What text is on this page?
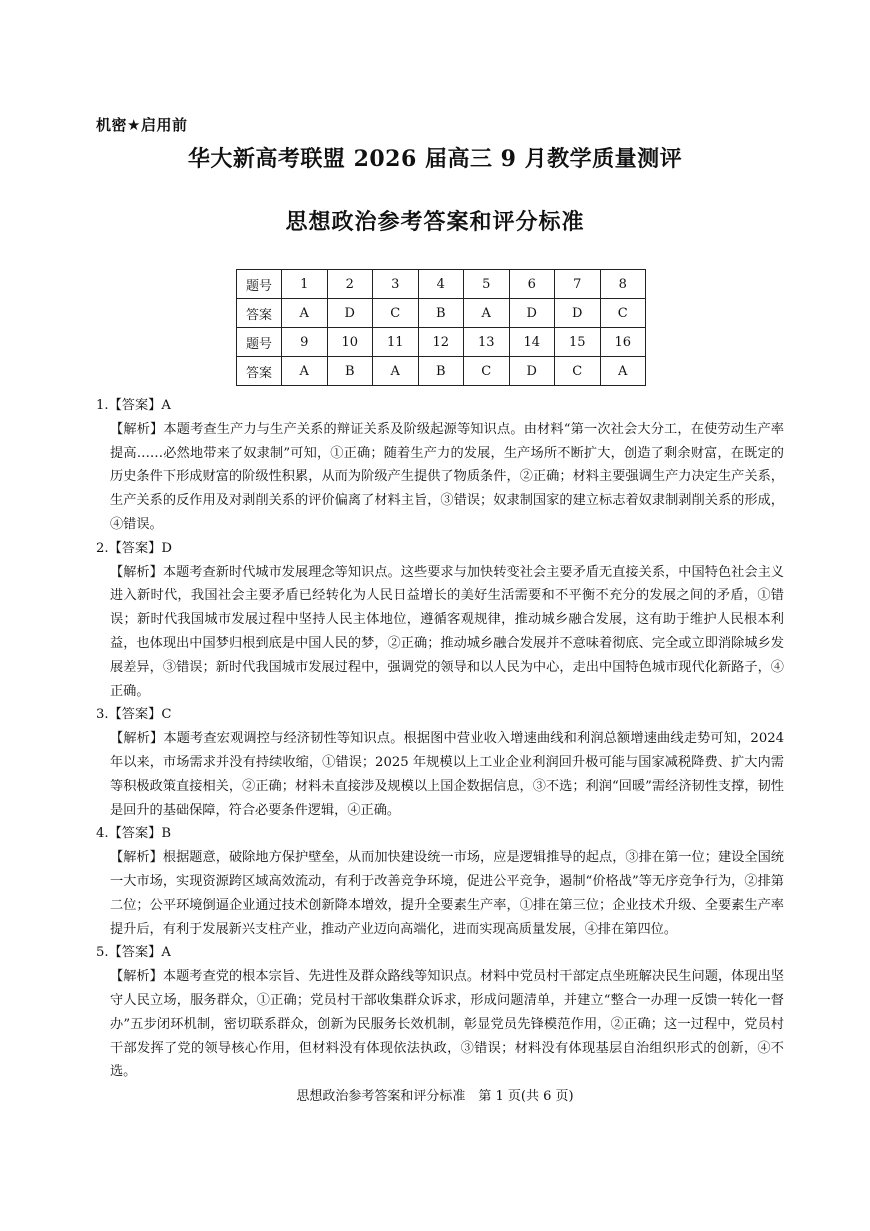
机密★启用前
华大新高考联盟 2026 届高三 9 月教学质量测评
思想政治参考答案和评分标准
题号	1	2	3	4	5	6	7	8
答案	A	D	C	B	A	D	D	C
题号	9	10	11	12	13	14	15	16
答案	A	B	A	B	C	D	C	A
1.【答案】A
【解析】本题考查生产力与生产关系的辩证关系及阶级起源等知识点。由材料“第一次社会大分工，在使劳动生产率提高……必然地带来了奴隶制”可知，①正确；随着生产力的发展，生产场所不断扩大，创造了剩余财富，在既定的历史条件下形成财富的阶级性积累，从而为阶级产生提供了物质条件，②正确；材料主要强调生产力决定生产关系，生产关系的反作用及对剥削关系的评价偏离了材料主旨，③错误；奴隶制国家的建立标志着奴隶制剥削关系的形成，④错误。
2.【答案】D
【解析】本题考查新时代城市发展理念等知识点。这些要求与加快转变社会主要矛盾无直接关系，中国特色社会主义进入新时代，我国社会主要矛盾已经转化为人民日益增长的美好生活需要和不平衡不充分的发展之间的矛盾，①错误；新时代我国城市发展过程中坚持人民主体地位，遵循客观规律，推动城乡融合发展，这有助于维护人民根本利益，也体现出中国梦归根到底是中国人民的梦，②正确；推动城乡融合发展并不意味着彻底、完全或立即消除城乡发展差异，③错误；新时代我国城市发展过程中，强调党的领导和以人民为中心，走出中国特色城市现代化新路子，④正确。
3.【答案】C
【解析】本题考查宏观调控与经济韧性等知识点。根据图中营业收入增速曲线和利润总额增速曲线走势可知，2024 年以来，市场需求并没有持续收缩，①错误；2025 年规模以上工业企业利润回升极可能与国家减税降费、扩大内需等积极政策直接相关，②正确；材料未直接涉及规模以上国企数据信息，③不选；利润“回暖”需经济韧性支撑，韧性是回升的基础保障，符合必要条件逻辑，④正确。
4.【答案】B
【解析】根据题意，破除地方保护壁垒，从而加快建设统一市场，应是逻辑推导的起点，③排在第一位；建设全国统一大市场，实现资源跨区域高效流动，有利于改善竞争环境，促进公平竞争，遏制“价格战”等无序竞争行为，②排第二位；公平环境倒逼企业通过技术创新降本增效，提升全要素生产率，①排在第三位；企业技术升级、全要素生产率提升后，有利于发展新兴支柱产业，推动产业迈向高端化，进而实现高质量发展，④排在第四位。
5.【答案】A
【解析】本题考查党的根本宗旨、先进性及群众路线等知识点。材料中党员村干部定点坐班解决民生问题，体现出坚守人民立场，服务群众，①正确；党员村干部收集群众诉求，形成问题清单，并建立“整合一办理一反馈一转化一督办”五步闭环机制，密切联系群众，创新为民服务长效机制，彰显党员先锋模范作用，②正确；这一过程中，党员村干部发挥了党的领导核心作用，但材料没有体现依法执政，③错误；材料没有体现基层自治组织形式的创新，④不选。
思想政治参考答案和评分标准　第 1 页(共 6 页)
